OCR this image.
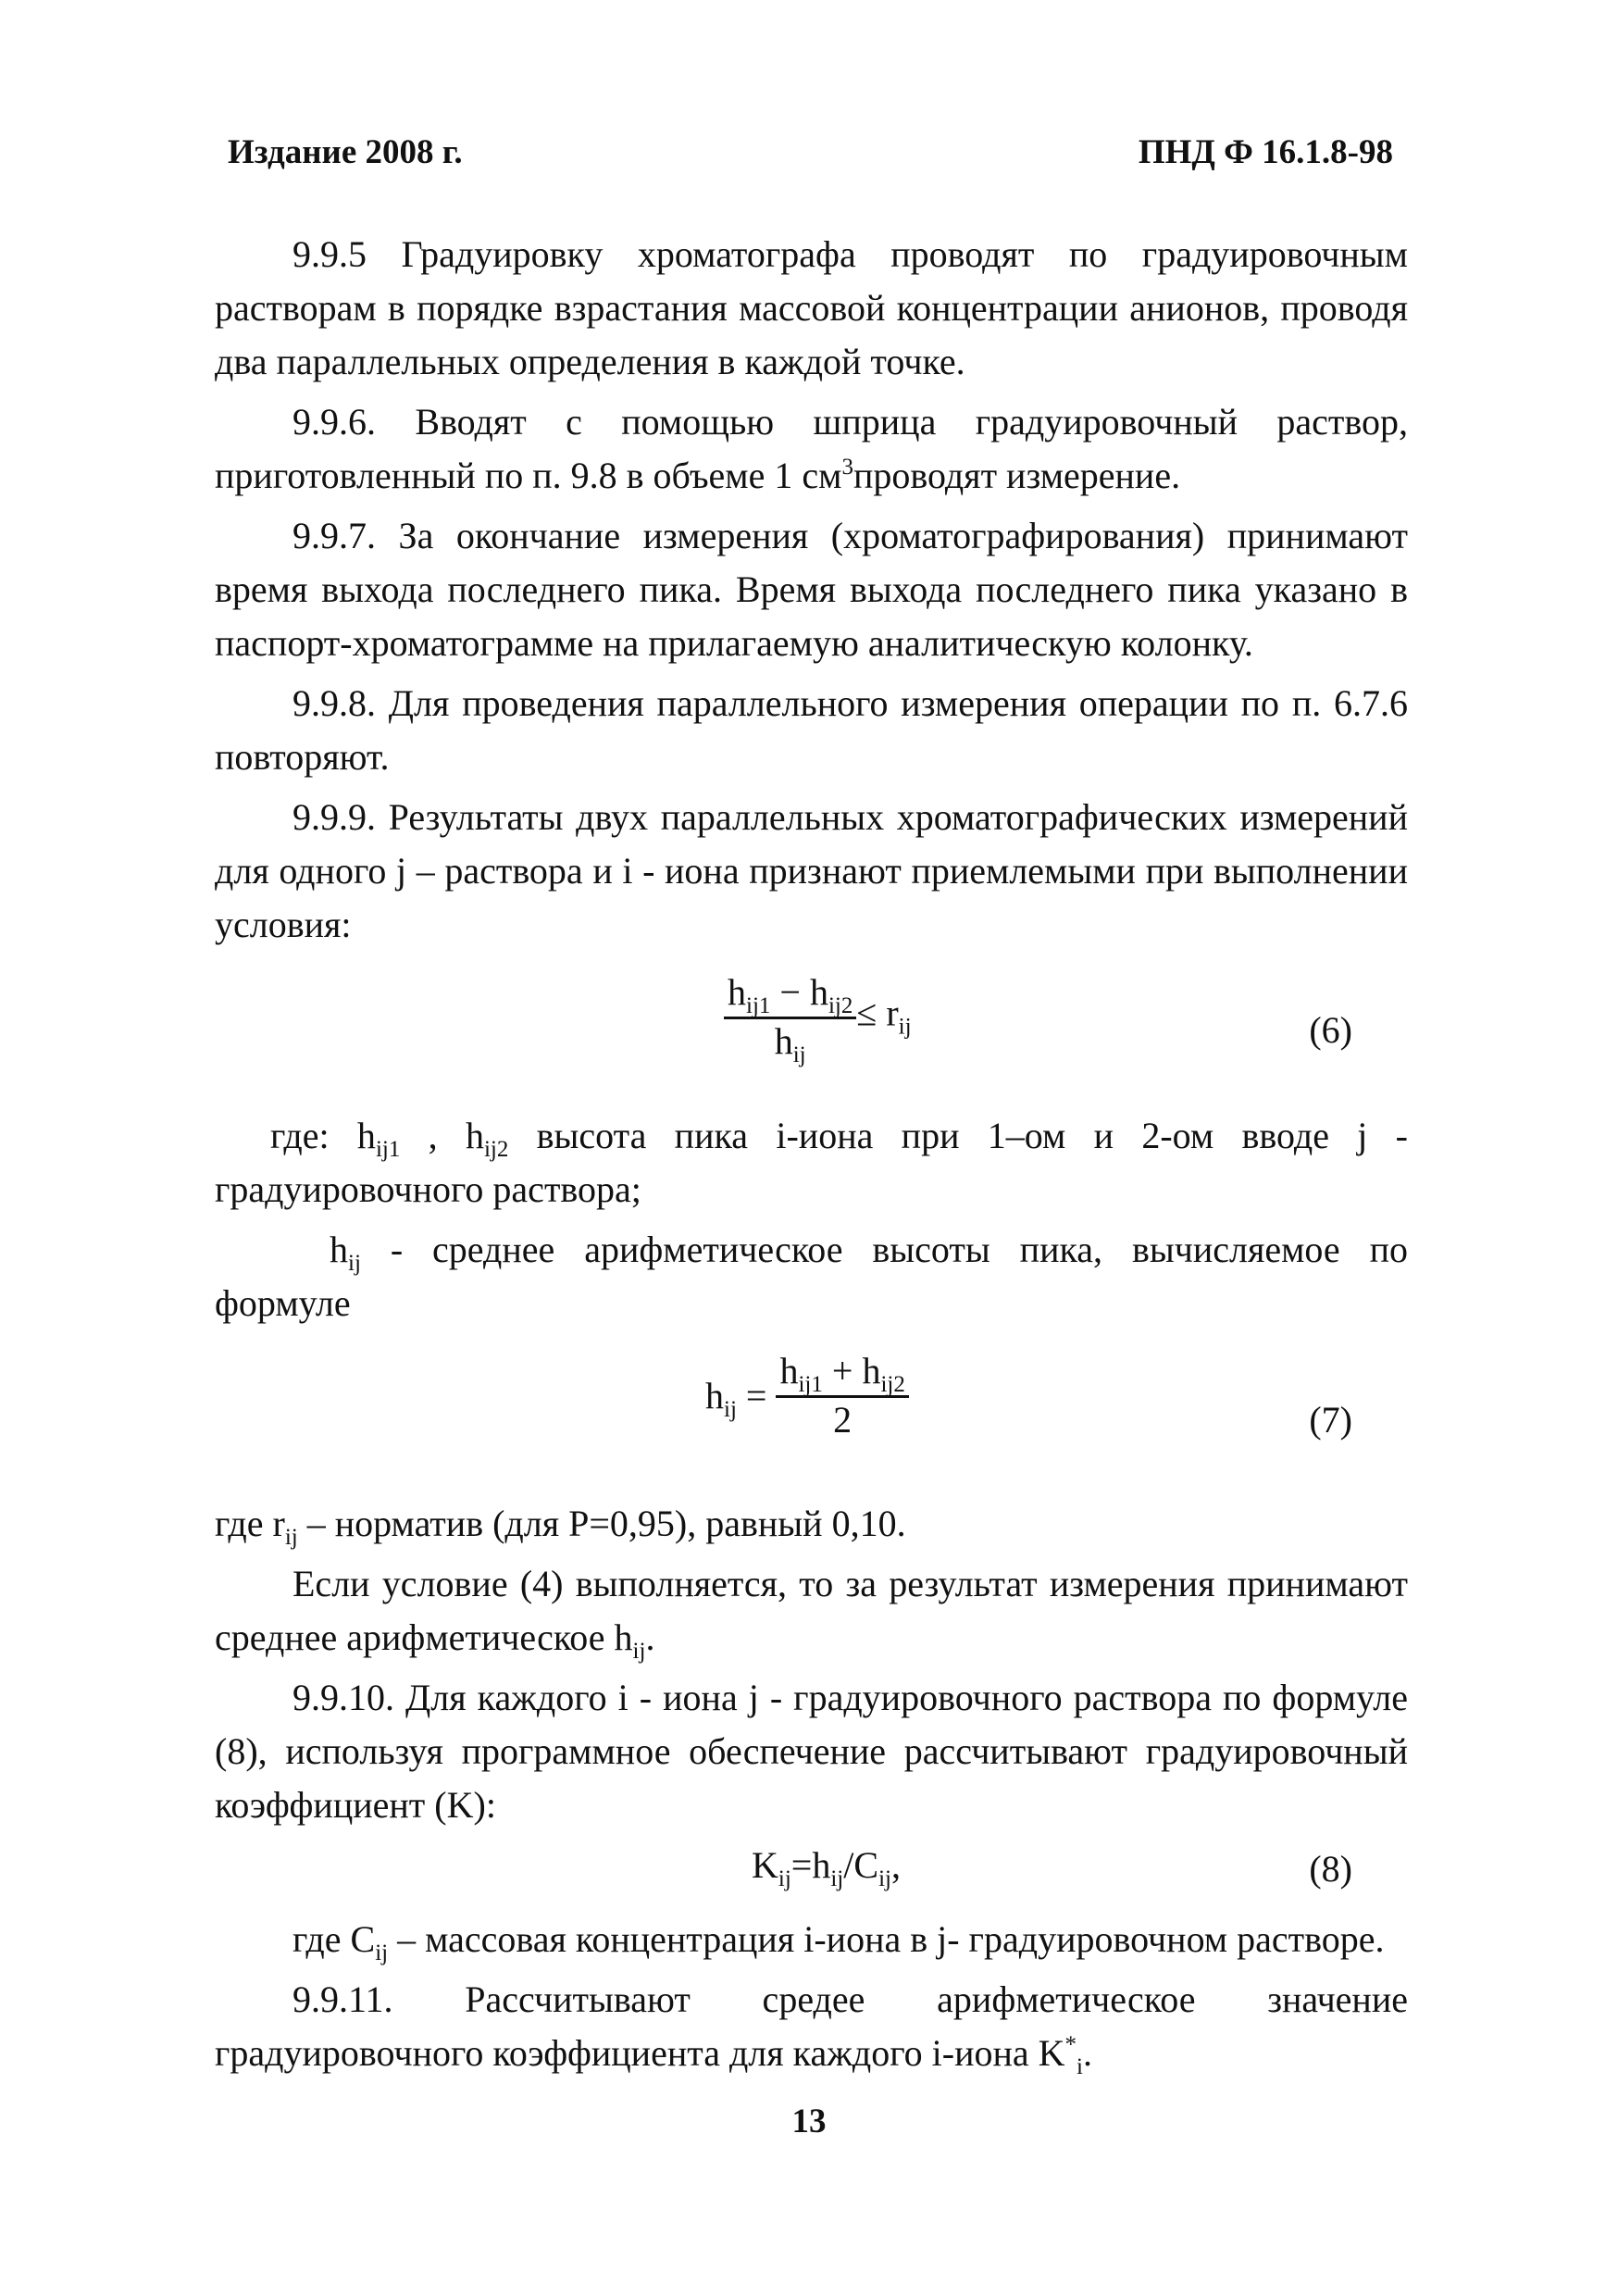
Издание 2008 г.	ПНД Ф 16.1.8-98

9.9.5 Градуировку хроматографа проводят по градуировочным растворам в порядке взрастания массовой концентрации анионов, проводя два параллельных определения в каждой точке.

9.9.6. Вводят с помощью шприца градуировочный раствор, приготовленный по п. 9.8 в объеме 1 $см^3проводят$ измерение.

9.9.7. За окончание измерения (хроматографирования) принимают время выхода последнего пика. Время выхода последнего пика указано в паспорт-хроматограмме на прилагаемую аналитическую колонку.

9.9.8. Для проведения параллельного измерения операции по п. 6.7.6 повторяют.

9.9.9. Результаты двух параллельных хроматографических измерений для одного j – раствора и i - иона признают приемлемыми при выполнении условия:

$\frac{h_{ij1} - h_{ij2}}{h_{ij}} \le r_{ij}$	(6)

где: $h_{ij1}$ , $h_{ij2}$ высота пика i-иона при 1–ом и 2-ом вводе j - градуировочного раствора;

$h_{ij}$ - среднее арифметическое высоты пика, вычисляемое по формуле

$h_{ij} = \frac{h_{ij1} + h_{ij2}}{2}$	(7)

где $r_{ij}$ – норматив (для P=0,95), равный 0,10.

Если условие (4) выполняется, то за результат измерения принимают среднее арифметическое $h_{ij}$.

9.9.10. Для каждого i - иона j - градуировочного раствора по формуле (8), используя программное обеспечение рассчитывают градуировочный коэффициент (K):

$K_{ij}=h_{ij}/C_{ij}$,	(8)

где $C_{ij}$ – массовая концентрация i-иона в j- градуировочном растворе.

9.9.11. Рассчитывают средее арифметическое значение градуировочного коэффициента для каждого i-иона $K^*_i$.

13
